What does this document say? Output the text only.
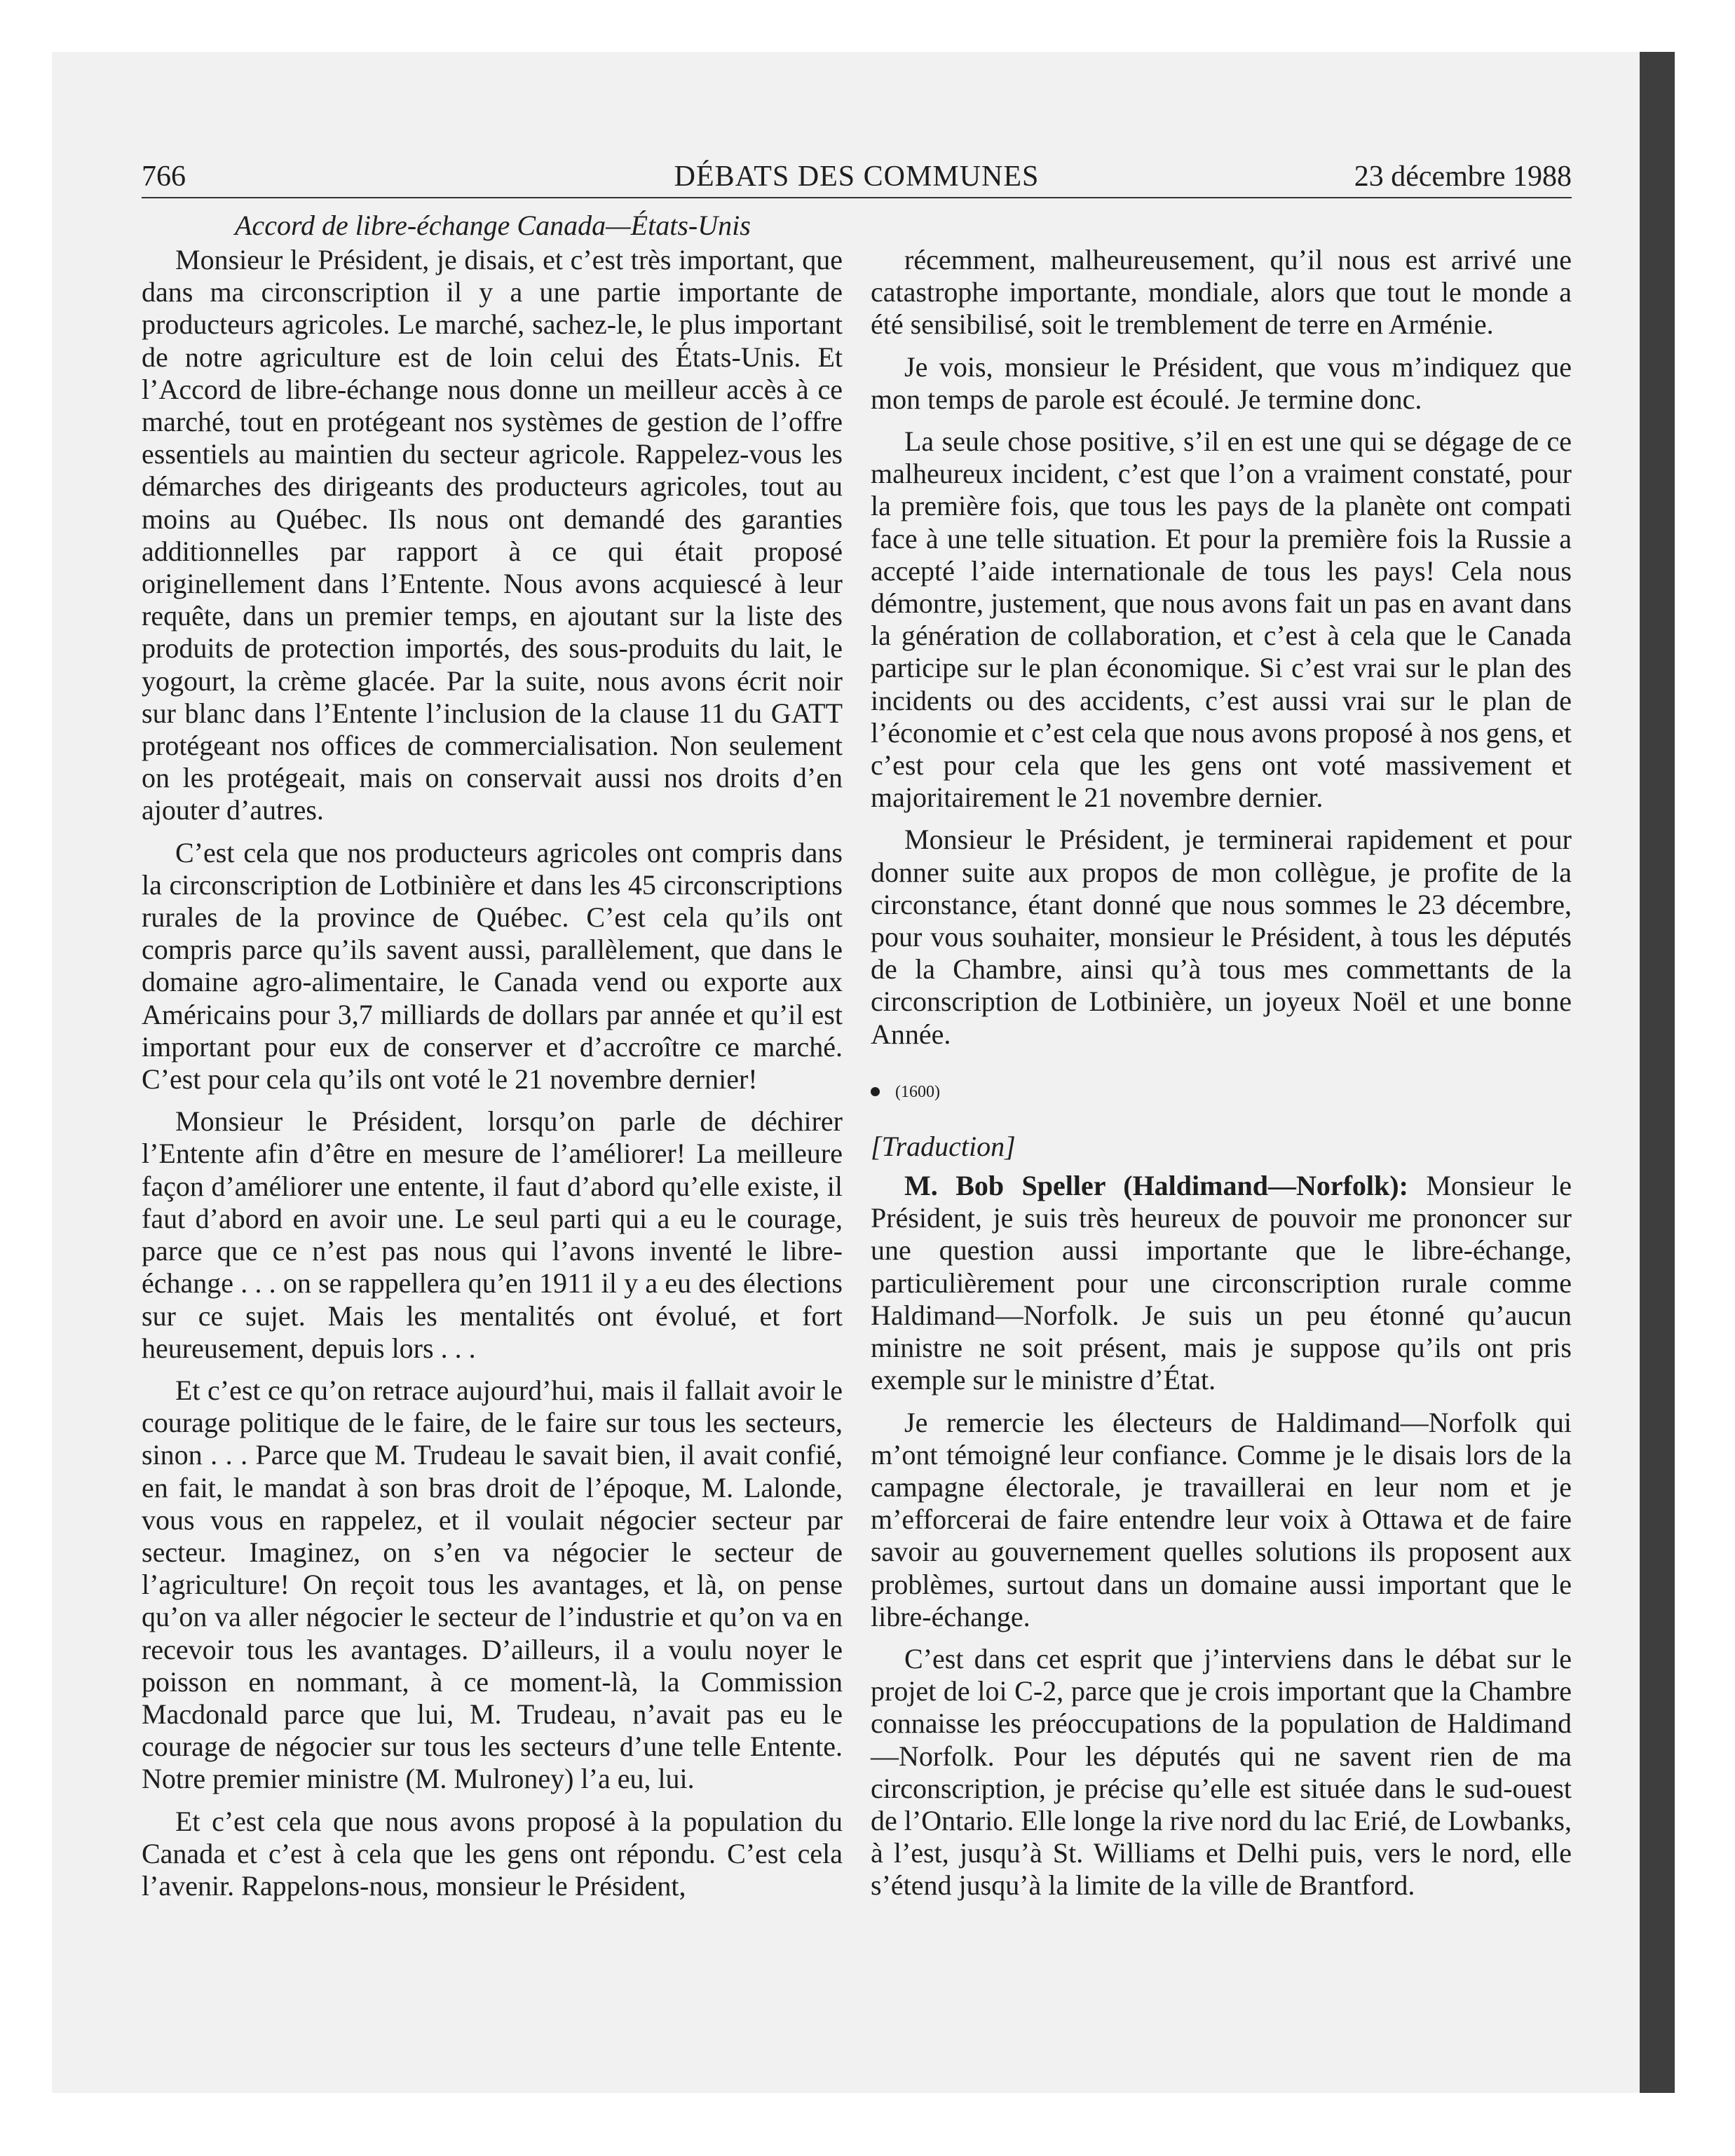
766	DÉBATS DES COMMUNES	23 décembre 1988
Accord de libre-échange Canada—États-Unis

Monsieur le Président, je disais, et c’est très important, que dans ma circonscription il y a une partie importante de producteurs agricoles. Le marché, sachez-le, le plus important de notre agriculture est de loin celui des États-Unis. Et l’Accord de libre-échange nous donne un meilleur accès à ce marché, tout en protégeant nos systèmes de gestion de l’offre essentiels au maintien du secteur agricole. Rappelez-vous les démarches des dirigeants des producteurs agricoles, tout au moins au Québec. Ils nous ont demandé des garanties additionnelles par rapport à ce qui était proposé originellement dans l’Entente. Nous avons acquiescé à leur requête, dans un premier temps, en ajoutant sur la liste des produits de protection importés, des sous-produits du lait, le yogourt, la crème glacée. Par la suite, nous avons écrit noir sur blanc dans l’Entente l’inclusion de la clause 11 du GATT protégeant nos offices de commercialisation. Non seulement on les protégeait, mais on conservait aussi nos droits d’en ajouter d’autres.

C’est cela que nos producteurs agricoles ont compris dans la circonscription de Lotbinière et dans les 45 circonscriptions rurales de la province de Québec. C’est cela qu’ils ont compris parce qu’ils savent aussi, parallèlement, que dans le domaine agro-alimentaire, le Canada vend ou exporte aux Américains pour 3,7 milliards de dollars par année et qu’il est important pour eux de conserver et d’accroître ce marché. C’est pour cela qu’ils ont voté le 21 novembre dernier!

Monsieur le Président, lorsqu’on parle de déchirer l’Entente afin d’être en mesure de l’améliorer! La meilleure façon d’améliorer une entente, il faut d’abord qu’elle existe, il faut d’abord en avoir une. Le seul parti qui a eu le courage, parce que ce n’est pas nous qui l’avons inventé le libre-échange . . . on se rappellera qu’en 1911 il y a eu des élections sur ce sujet. Mais les mentalités ont évolué, et fort heureusement, depuis lors . . .

Et c’est ce qu’on retrace aujourd’hui, mais il fallait avoir le courage politique de le faire, de le faire sur tous les secteurs, sinon . . . Parce que M. Trudeau le savait bien, il avait confié, en fait, le mandat à son bras droit de l’époque, M. Lalonde, vous vous en rappelez, et il voulait négocier secteur par secteur. Imaginez, on s’en va négocier le secteur de l’agriculture! On reçoit tous les avantages, et là, on pense qu’on va aller négocier le secteur de l’industrie et qu’on va en recevoir tous les avantages. D’ailleurs, il a voulu noyer le poisson en nommant, à ce moment-là, la Commission Macdonald parce que lui, M. Trudeau, n’avait pas eu le courage de négocier sur tous les secteurs d’une telle Entente. Notre premier ministre (M. Mulroney) l’a eu, lui.

Et c’est cela que nous avons proposé à la population du Canada et c’est à cela que les gens ont répondu. C’est cela l’avenir. Rappelons-nous, monsieur le Président,

récemment, malheureusement, qu’il nous est arrivé une catastrophe importante, mondiale, alors que tout le monde a été sensibilisé, soit le tremblement de terre en Arménie.

Je vois, monsieur le Président, que vous m’indiquez que mon temps de parole est écoulé. Je termine donc.

La seule chose positive, s’il en est une qui se dégage de ce malheureux incident, c’est que l’on a vraiment constaté, pour la première fois, que tous les pays de la planète ont compati face à une telle situation. Et pour la première fois la Russie a accepté l’aide internationale de tous les pays! Cela nous démontre, justement, que nous avons fait un pas en avant dans la génération de collaboration, et c’est à cela que le Canada participe sur le plan économique. Si c’est vrai sur le plan des incidents ou des accidents, c’est aussi vrai sur le plan de l’économie et c’est cela que nous avons proposé à nos gens, et c’est pour cela que les gens ont voté massivement et majoritairement le 21 novembre dernier.

Monsieur le Président, je terminerai rapidement et pour donner suite aux propos de mon collègue, je profite de la circonstance, étant donné que nous sommes le 23 décembre, pour vous souhaiter, monsieur le Président, à tous les députés de la Chambre, ainsi qu’à tous mes commettants de la circonscription de Lotbinière, un joyeux Noël et une bonne Année.

(1600)
[Traduction]

M. Bob Speller (Haldimand—Norfolk): Monsieur le Président, je suis très heureux de pouvoir me prononcer sur une question aussi importante que le libre-échange, particulièrement pour une circonscription rurale comme Haldimand—Norfolk. Je suis un peu étonné qu’aucun ministre ne soit présent, mais je suppose qu’ils ont pris exemple sur le ministre d’État.

Je remercie les électeurs de Haldimand—Norfolk qui m’ont témoigné leur confiance. Comme je le disais lors de la campagne électorale, je travaillerai en leur nom et je m’efforcerai de faire entendre leur voix à Ottawa et de faire savoir au gouvernement quelles solutions ils proposent aux problèmes, surtout dans un domaine aussi important que le libre-échange.

C’est dans cet esprit que j’interviens dans le débat sur le projet de loi C-2, parce que je crois important que la Chambre connaisse les préoccupations de la population de Haldimand—Norfolk. Pour les députés qui ne savent rien de ma circonscription, je précise qu’elle est située dans le sud-ouest de l’Ontario. Elle longe la rive nord du lac Erié, de Lowbanks, à l’est, jusqu’à St. Williams et Delhi puis, vers le nord, elle s’étend jusqu’à la limite de la ville de Brantford.
